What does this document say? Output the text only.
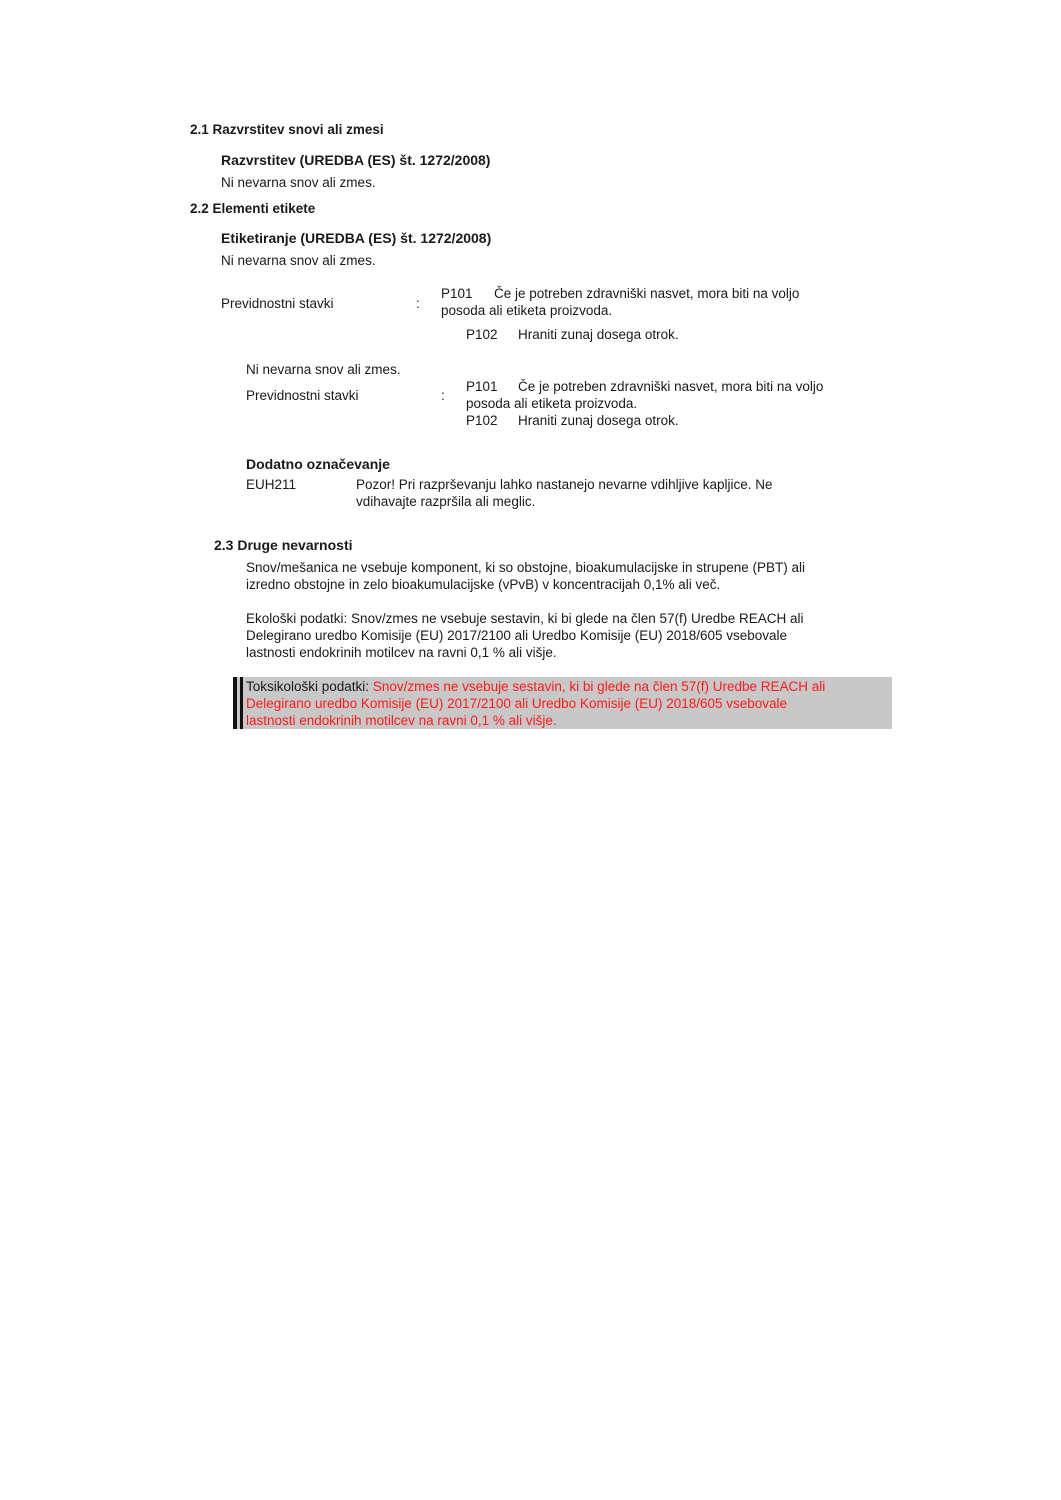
2.1 Razvrstitev snovi ali zmesi
Razvrstitev (UREDBA (ES) št. 1272/2008)
Ni nevarna snov ali zmes.
2.2 Elementi etikete
Etiketiranje (UREDBA (ES) št. 1272/2008)
Ni nevarna snov ali zmes.
Previdnostni stavki	:
P101 Če je potreben zdravniški nasvet, mora biti na voljo
posoda ali etiketa proizvoda.
P102 Hraniti zunaj dosega otrok.
Ni nevarna snov ali zmes.
Previdnostni stavki	:
P101 Če je potreben zdravniški nasvet, mora biti na voljo
posoda ali etiketa proizvoda.
P102 Hraniti zunaj dosega otrok.
Dodatno označevanje
EUH211	Pozor! Pri razprševanju lahko nastanejo nevarne vdihljive kapljice. Ne
vdihavajte razpršila ali meglic.
2.3 Druge nevarnosti
Snov/mešanica ne vsebuje komponent, ki so obstojne, bioakumulacijske in strupene (PBT) ali
izredno obstojne in zelo bioakumulacijske (vPvB) v koncentracijah 0,1% ali več.
Ekološki podatki: Snov/zmes ne vsebuje sestavin, ki bi glede na člen 57(f) Uredbe REACH ali
Delegirano uredbo Komisije (EU) 2017/2100 ali Uredbo Komisije (EU) 2018/605 vsebovale
lastnosti endokrinih motilcev na ravni 0,1 % ali višje.
Toksikološki podatki: Snov/zmes ne vsebuje sestavin, ki bi glede na člen 57(f) Uredbe REACH ali
Delegirano uredbo Komisije (EU) 2017/2100 ali Uredbo Komisije (EU) 2018/605 vsebovale
lastnosti endokrinih motilcev na ravni 0,1 % ali višje.
